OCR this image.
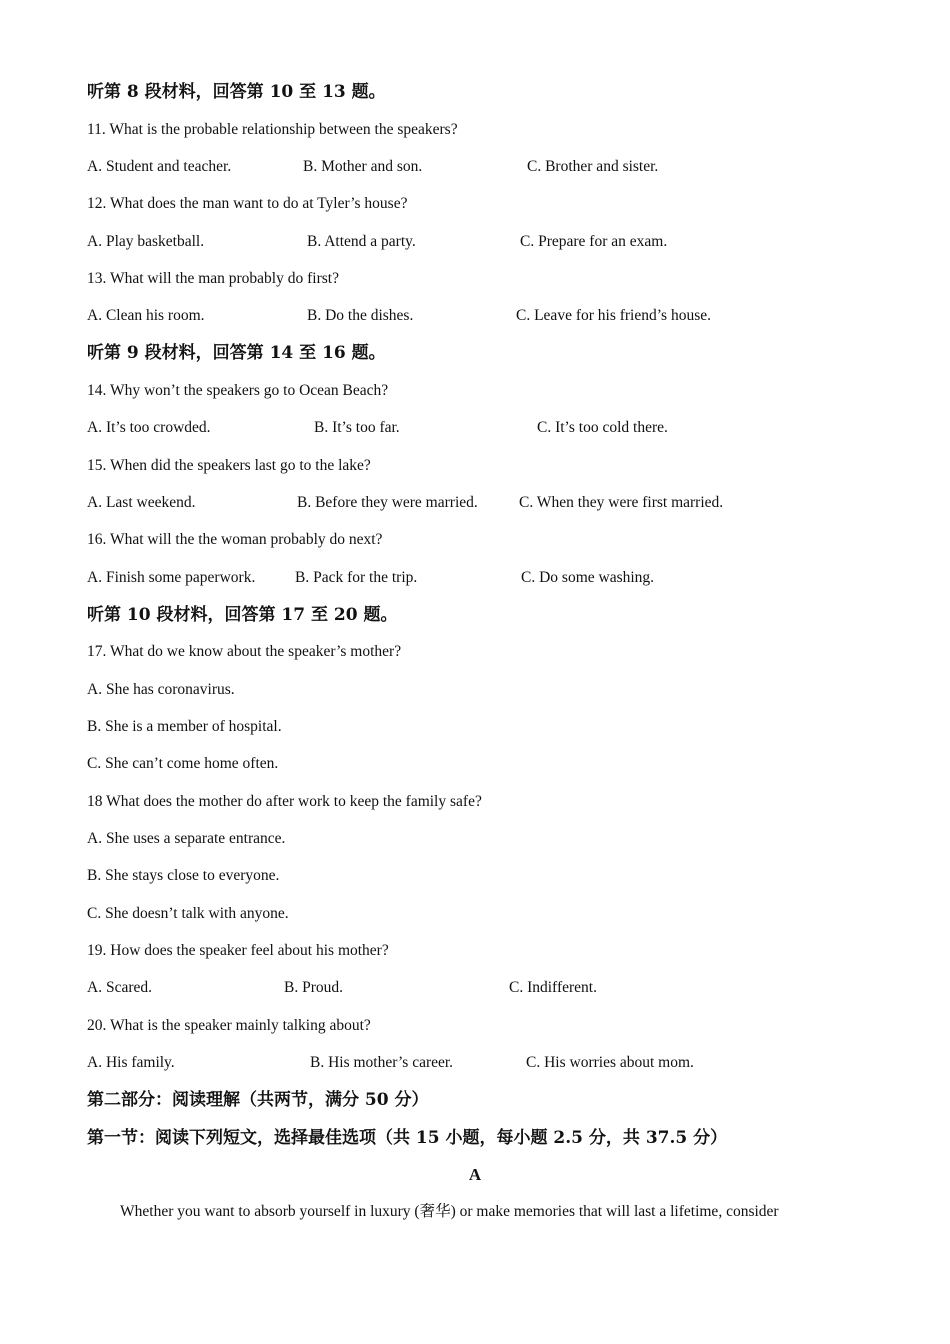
听第 8 段材料，回答第 10 至 13 题。
11. What is the probable relationship between the speakers?
A. Student and teacher.	B. Mother and son.	C. Brother and sister.
12. What does the man want to do at Tyler’s house?
A. Play basketball.	B. Attend a party.	C. Prepare for an exam.
13. What will the man probably do first?
A. Clean his room.	B. Do the dishes.	C. Leave for his friend’s house.
听第 9 段材料，回答第 14 至 16 题。
14. Why won’t the speakers go to Ocean Beach?
A. It’s too crowded.	B. It’s too far.	C. It’s too cold there.
15. When did the speakers last go to the lake?
A. Last weekend.	B. Before they were married.	C. When they were first married.
16. What will the the woman probably do next?
A. Finish some paperwork.	B. Pack for the trip.	C. Do some washing.
听第 10 段材料，回答第 17 至 20 题。
17. What do we know about the speaker’s mother?
A. She has coronavirus.
B. She is a member of hospital.
C. She can’t come home often.
18 What does the mother do after work to keep the family safe?
A. She uses a separate entrance.
B. She stays close to everyone.
C. She doesn’t talk with anyone.
19. How does the speaker feel about his mother?
A. Scared.	B. Proud.	C. Indifferent.
20. What is the speaker mainly talking about?
A. His family.	B. His mother’s career.	C. His worries about mom.
第二部分：阅读理解（共两节，满分 50 分）
第一节：阅读下列短文，选择最佳选项（共 15 小题，每小题 2.5 分，共 37.5 分）
A
Whether you want to absorb yourself in luxury (奢华) or make memories that will last a lifetime, consider
